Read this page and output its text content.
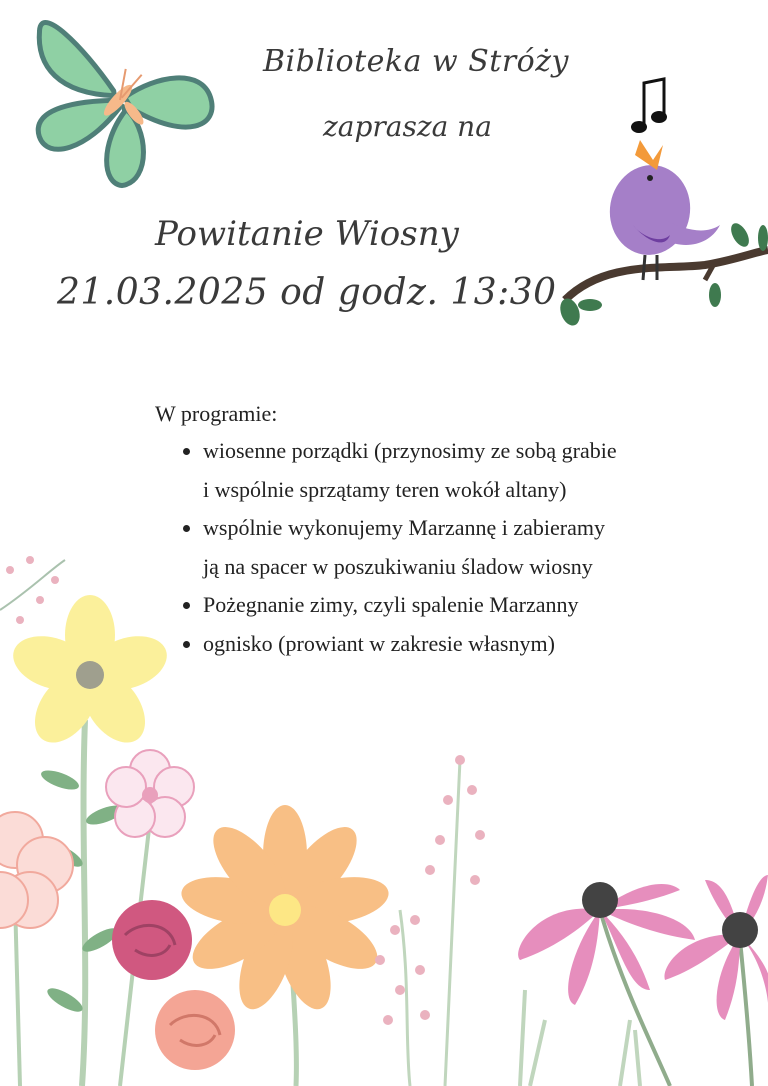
Biblioteka w Stróży
zaprasza na
Powitanie Wiosny
21.03.2025 od godz. 13:30
W programie:
wiosenne porządki (przynosimy ze sobą grabie
i wspólnie sprzątamy teren wokół altany)
wspólnie wykonujemy Marzannę i zabieramy
ją na spacer w poszukiwaniu śladow wiosny
Pożegnanie zimy, czyli spalenie Marzanny
ognisko (prowiant w zakresie własnym)
